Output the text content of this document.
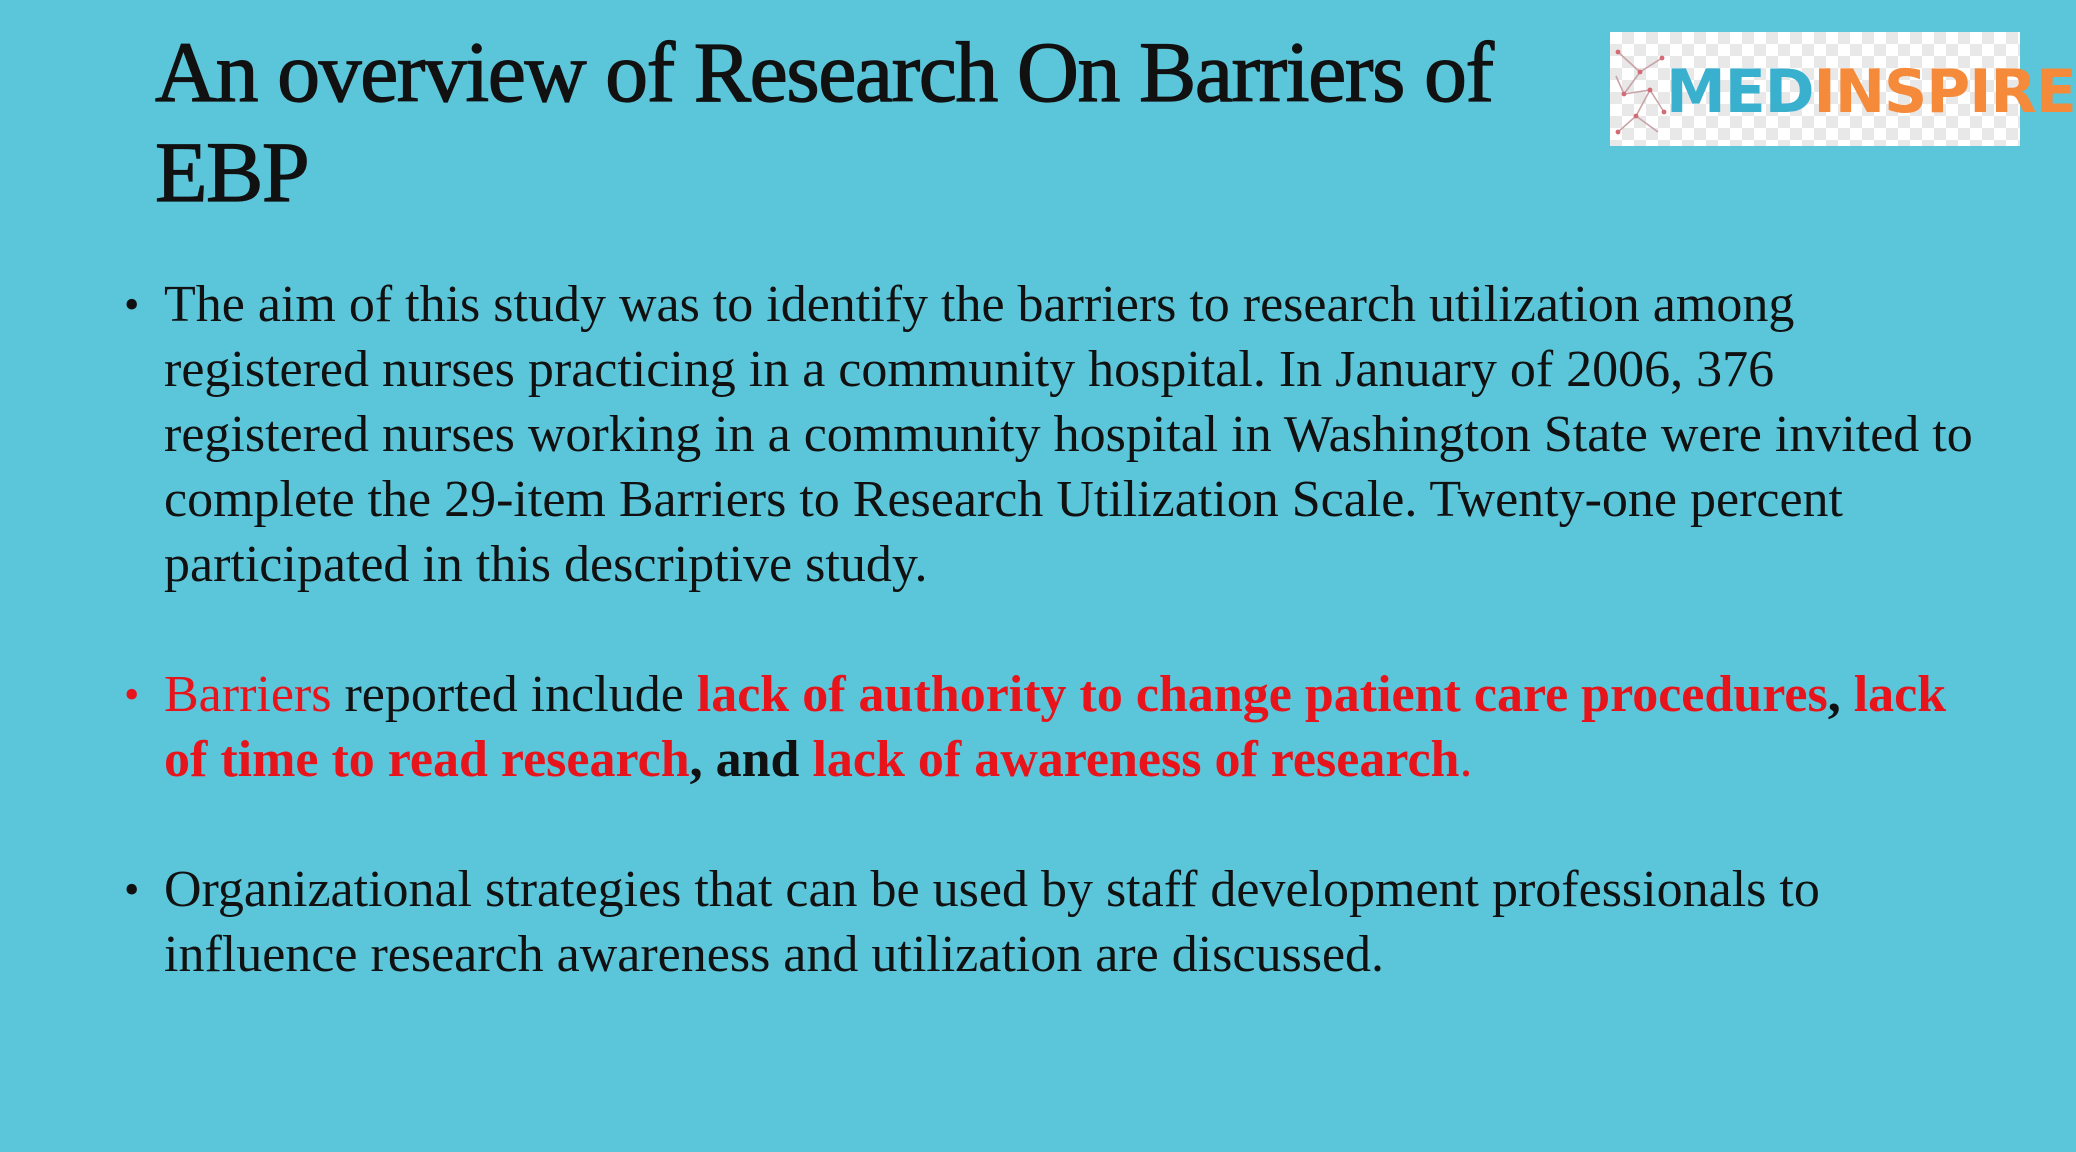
An overview of Research On Barriers of EBP
MEDINSPIRE
• The aim of this study was to identify the barriers to research utilization among registered nurses practicing in a community hospital. In January of 2006, 376 registered nurses working in a community hospital in Washington State were invited to complete the 29-item Barriers to Research Utilization Scale. Twenty-one percent participated in this descriptive study.
• Barriers reported include lack of authority to change patient care procedures, lack of time to read research, and lack of awareness of research.
• Organizational strategies that can be used by staff development professionals to influence research awareness and utilization are discussed.
